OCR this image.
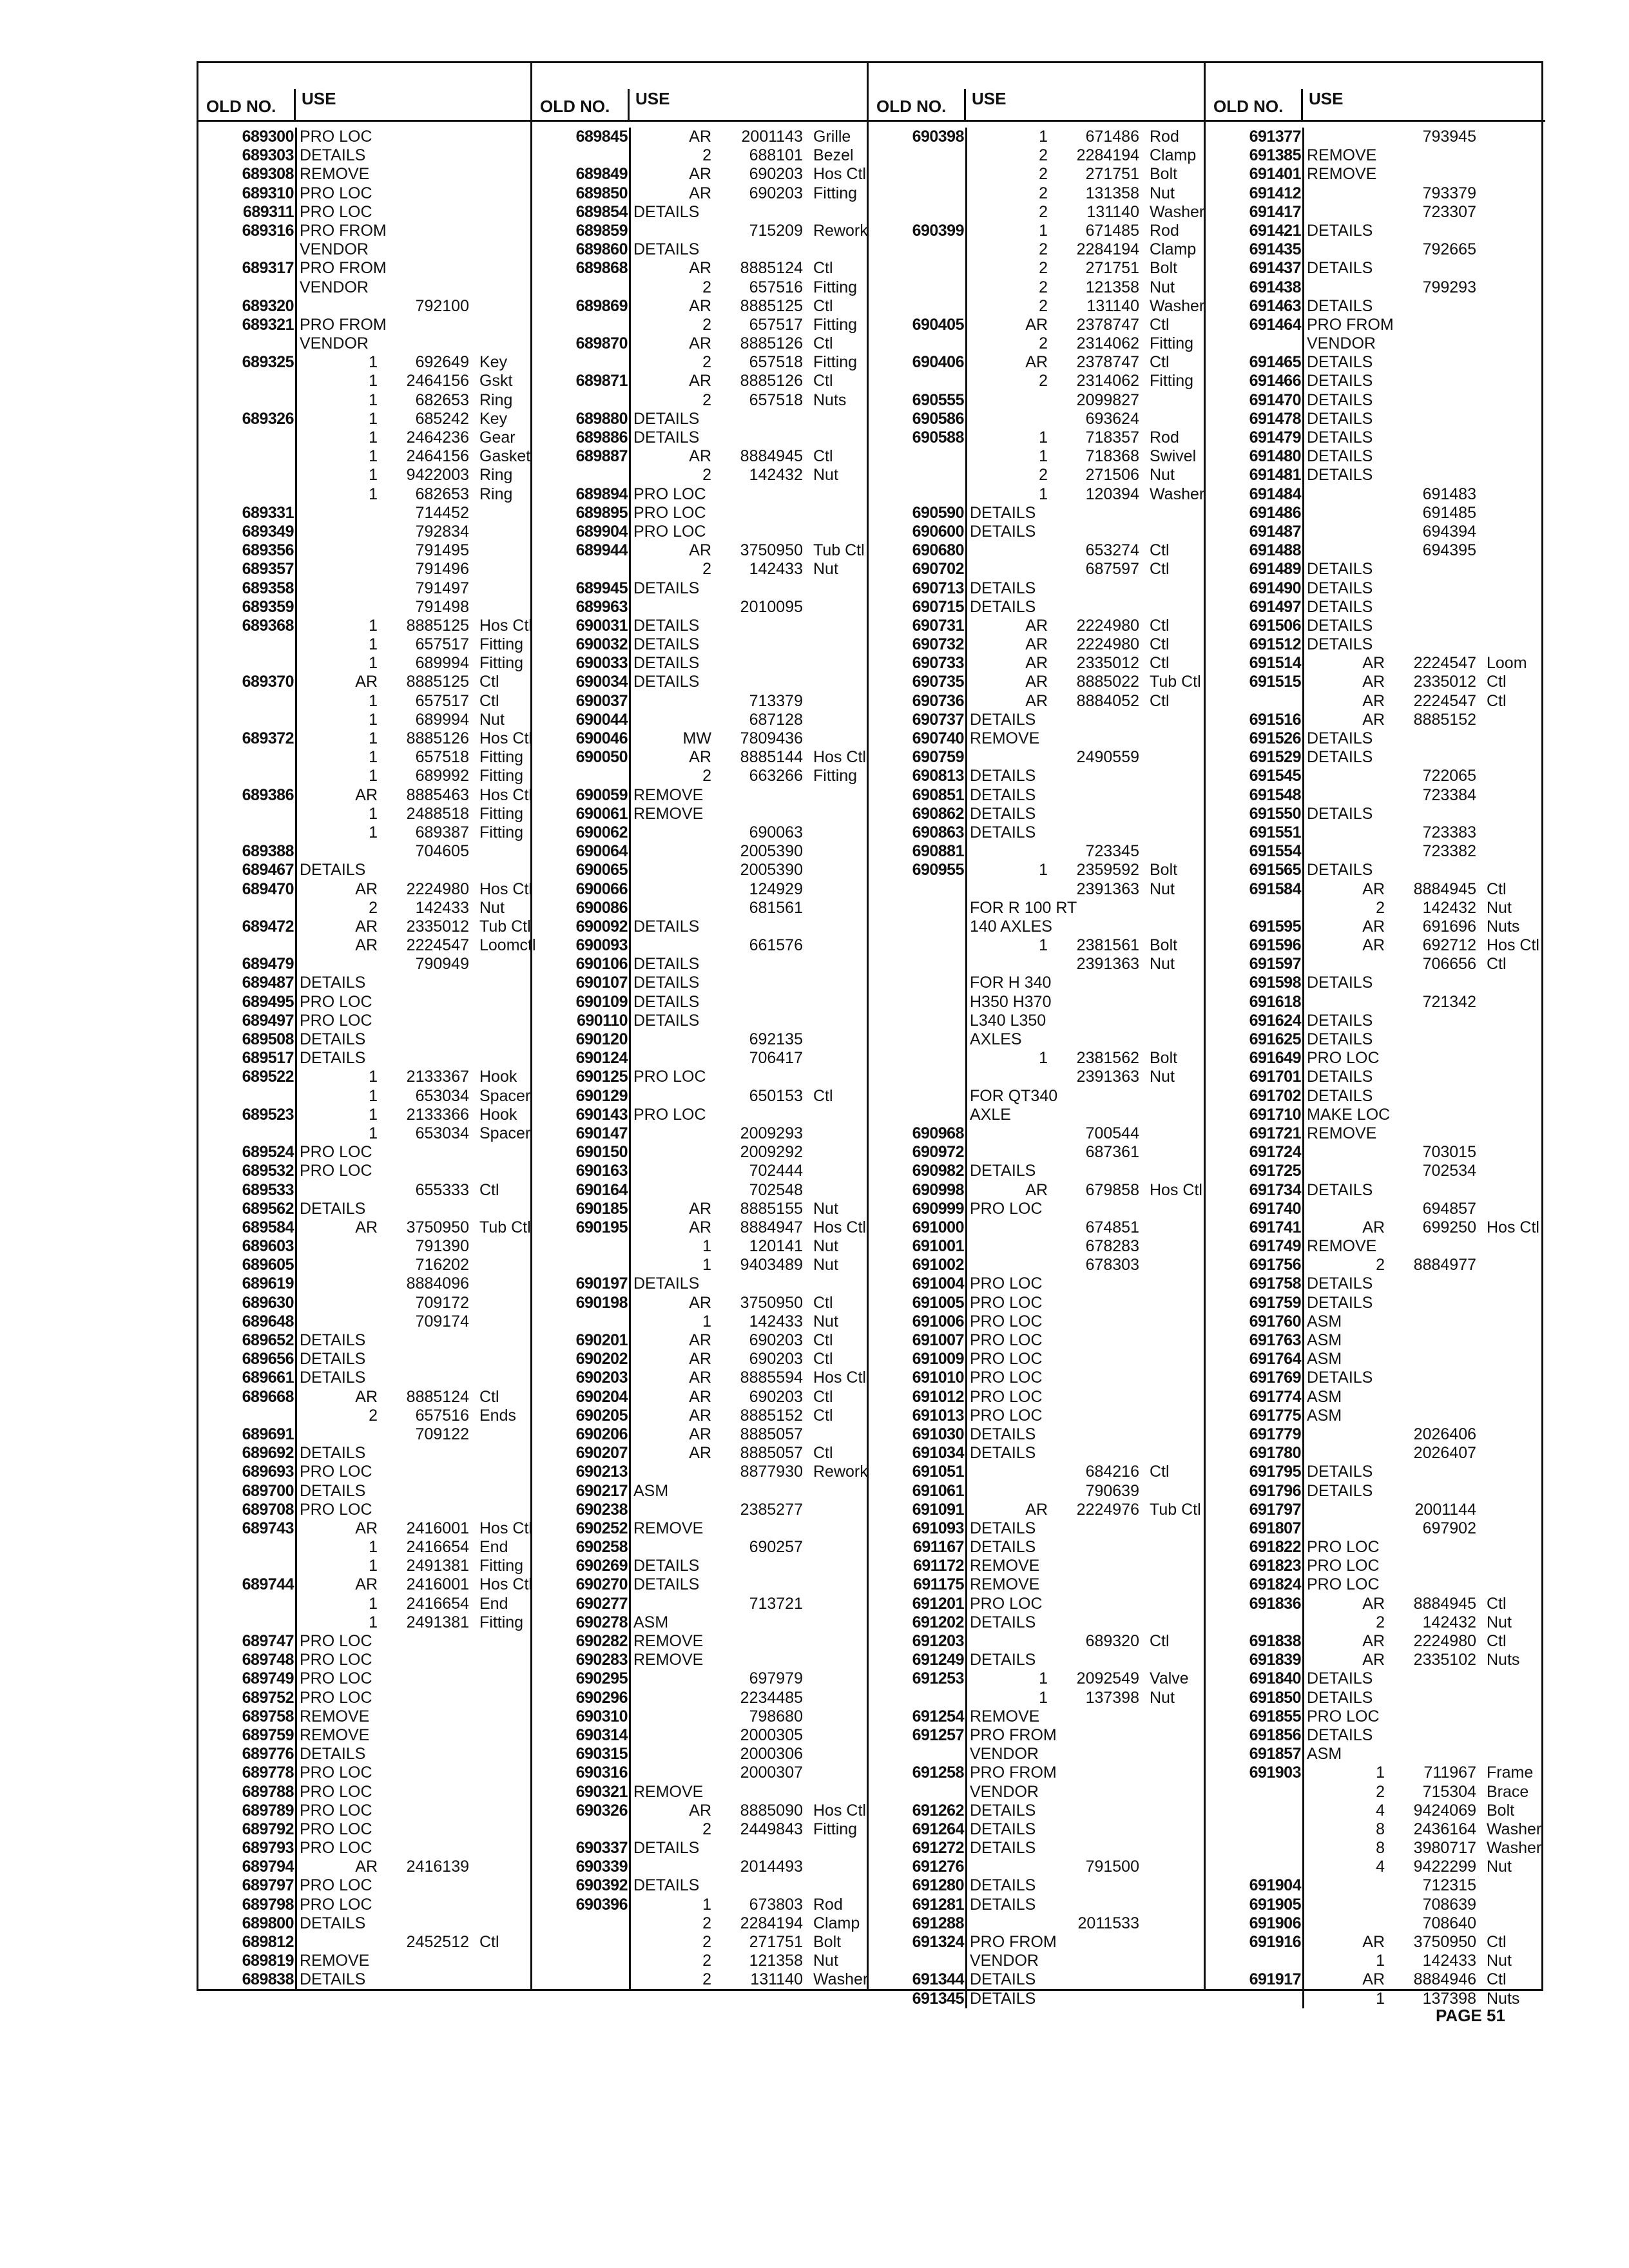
OLD NO. USE
689300 PRO LOC
689303 DETAILS
689308 REMOVE
689310 PRO LOC
689311 PRO LOC
689316 PRO FROM
VENDOR
689317 PRO FROM
VENDOR
689320	792100
689321 PRO FROM
VENDOR
689325	1	692649 Key
1	2464156 Gskt
1	682653 Ring
689326	1	685242 Key
1	2464236 Gear
1	2464156 Gasket
1	9422003 Ring
1	682653 Ring
689331	714452
689349	792834
689356	791495
689357	791496
689358	791497
689359	791498
689368	1	8885125 Hos Ctl
1	657517 Fitting
1	689994 Fitting
689370	AR	8885125 Ctl
1	657517 Ctl
1	689994 Nut
689372	1	8885126 Hos Ctl
1	657518 Fitting
1	689992 Fitting
689386	AR	8885463 Hos Ctl
1	2488518 Fitting
1	689387 Fitting
689388	704605
689467 DETAILS
689470	AR	2224980 Hos Ctl
2	142433 Nut
689472	AR	2335012 Tub Ctl
AR	2224547 Loomctl
689479	790949
689487 DETAILS
689495 PRO LOC
689497 PRO LOC
689508 DETAILS
689517 DETAILS
689522	1	2133367 Hook
1	653034 Spacer
689523	1	2133366 Hook
1	653034 Spacer
689524 PRO LOC
689532 PRO LOC
689533	655333 Ctl
689562 DETAILS
689584	AR	3750950 Tub Ctl
689603	791390
689605	716202
689619	8884096
689630	709172
689648	709174
689652 DETAILS
689656 DETAILS
689661 DETAILS
689668	AR	8885124 Ctl
2	657516 Ends
689691	709122
689692 DETAILS
689693 PRO LOC
689700 DETAILS
689708 PRO LOC
689743	AR	2416001 Hos Ctl
1	2416654 End
1	2491381 Fitting
689744	AR	2416001 Hos Ctl
1	2416654 End
1	2491381 Fitting
689747 PRO LOC
689748 PRO LOC
689749 PRO LOC
689752 PRO LOC
689758 REMOVE
689759 REMOVE
689776 DETAILS
689778 PRO LOC
689788 PRO LOC
689789 PRO LOC
689792 PRO LOC
689793 PRO LOC
689794	AR	2416139
689797 PRO LOC
689798 PRO LOC
689800 DETAILS
689812	2452512 Ctl
689819 REMOVE
689838 DETAILS
OLD NO. USE
689845	AR	2001143 Grille
2	688101 Bezel
689849	AR	690203 Hos Ctl
689850	AR	690203 Fitting
689854 DETAILS
689859	715209 Rework
689860 DETAILS
689868	AR	8885124 Ctl
2	657516 Fitting
689869	AR	8885125 Ctl
2	657517 Fitting
689870	AR	8885126 Ctl
2	657518 Fitting
689871	AR	8885126 Ctl
2	657518 Nuts
689880 DETAILS
689886 DETAILS
689887	AR	8884945 Ctl
2	142432 Nut
689894 PRO LOC
689895 PRO LOC
689904 PRO LOC
689944	AR	3750950 Tub Ctl
2	142433 Nut
689945 DETAILS
689963	2010095
690031 DETAILS
690032 DETAILS
690033 DETAILS
690034 DETAILS
690037	713379
690044	687128
690046	MW	7809436
690050	AR	8885144 Hos Ctl
2	663266 Fitting
690059 REMOVE
690061 REMOVE
690062	690063
690064	2005390
690065	2005390
690066	124929
690086	681561
690092 DETAILS
690093	661576
690106 DETAILS
690107 DETAILS
690109 DETAILS
690110 DETAILS
690120	692135
690124	706417
690125 PRO LOC
690129	650153 Ctl
690143 PRO LOC
690147	2009293
690150	2009292
690163	702444
690164	702548
690185	AR	8885155 Nut
690195	AR	8884947 Hos Ctl
1	120141 Nut
1	9403489 Nut
690197 DETAILS
690198	AR	3750950 Ctl
1	142433 Nut
690201	AR	690203 Ctl
690202	AR	690203 Ctl
690203	AR	8885594 Hos Ctl
690204	AR	690203 Ctl
690205	AR	8885152 Ctl
690206	AR	8885057
690207	AR	8885057 Ctl
690213	8877930 Rework
690217 ASM
690238	2385277
690252 REMOVE
690258	690257
690269 DETAILS
690270 DETAILS
690277	713721
690278 ASM
690282 REMOVE
690283 REMOVE
690295	697979
690296	2234485
690310	798680
690314	2000305
690315	2000306
690316	2000307
690321 REMOVE
690326	AR	8885090 Hos Ctl
2	2449843 Fitting
690337 DETAILS
690339	2014493
690392 DETAILS
690396	1	673803 Rod
2	2284194 Clamp
2	271751 Bolt
2	121358 Nut
2	131140 Washer
OLD NO. USE
690398	1	671486 Rod
2	2284194 Clamp
2	271751 Bolt
2	131358 Nut
2	131140 Washer
690399	1	671485 Rod
2	2284194 Clamp
2	271751 Bolt
2	121358 Nut
2	131140 Washer
690405	AR	2378747 Ctl
2	2314062 Fitting
690406	AR	2378747 Ctl
2	2314062 Fitting
690555	2099827
690586	693624
690588	1	718357 Rod
1	718368 Swivel
2	271506 Nut
1	120394 Washer
690590 DETAILS
690600 DETAILS
690680	653274 Ctl
690702	687597 Ctl
690713 DETAILS
690715 DETAILS
690731	AR	2224980 Ctl
690732	AR	2224980 Ctl
690733	AR	2335012 Ctl
690735	AR	8885022 Tub Ctl
690736	AR	8884052 Ctl
690737 DETAILS
690740 REMOVE
690759	2490559
690813 DETAILS
690851 DETAILS
690862 DETAILS
690863 DETAILS
690881	723345
690955	1	2359592 Bolt
2391363 Nut
FOR R 100 RT
140 AXLES
1	2381561 Bolt
2391363 Nut
FOR H 340
H350 H370
L340 L350
AXLES
1	2381562 Bolt
2391363 Nut
FOR QT340
AXLE
690968	700544
690972	687361
690982 DETAILS
690998	AR	679858 Hos Ctl
690999 PRO LOC
691000	674851
691001	678283
691002	678303
691004 PRO LOC
691005 PRO LOC
691006 PRO LOC
691007 PRO LOC
691009 PRO LOC
691010 PRO LOC
691012 PRO LOC
691013 PRO LOC
691030 DETAILS
691034 DETAILS
691051	684216 Ctl
691061	790639
691091	AR	2224976 Tub Ctl
691093 DETAILS
691167 DETAILS
691172 REMOVE
691175 REMOVE
691201 PRO LOC
691202 DETAILS
691203	689320 Ctl
691249 DETAILS
691253	1	2092549 Valve
1	137398 Nut
691254 REMOVE
691257 PRO FROM
VENDOR
691258 PRO FROM
VENDOR
691262 DETAILS
691264 DETAILS
691272 DETAILS
691276	791500
691280 DETAILS
691281 DETAILS
691288	2011533
691324 PRO FROM
VENDOR
691344 DETAILS
691345 DETAILS
OLD NO. USE
691377	793945
691385 REMOVE
691401 REMOVE
691412	793379
691417	723307
691421 DETAILS
691435	792665
691437 DETAILS
691438	799293
691463 DETAILS
691464 PRO FROM
VENDOR
691465 DETAILS
691466 DETAILS
691470 DETAILS
691478 DETAILS
691479 DETAILS
691480 DETAILS
691481 DETAILS
691484	691483
691486	691485
691487	694394
691488	694395
691489 DETAILS
691490 DETAILS
691497 DETAILS
691506 DETAILS
691512 DETAILS
691514	AR	2224547 Loom
691515	AR	2335012 Ctl
AR	2224547 Ctl
691516	AR	8885152
691526 DETAILS
691529 DETAILS
691545	722065
691548	723384
691550 DETAILS
691551	723383
691554	723382
691565 DETAILS
691584	AR	8884945 Ctl
2	142432 Nut
691595	AR	691696 Nuts
691596	AR	692712 Hos Ctl
691597	706656 Ctl
691598 DETAILS
691618	721342
691624 DETAILS
691625 DETAILS
691649 PRO LOC
691701 DETAILS
691702 DETAILS
691710 MAKE LOC
691721 REMOVE
691724	703015
691725	702534
691734 DETAILS
691740	694857
691741	AR	699250 Hos Ctl
691749 REMOVE
691756	2	8884977
691758 DETAILS
691759 DETAILS
691760 ASM
691763 ASM
691764 ASM
691769 DETAILS
691774 ASM
691775 ASM
691779	2026406
691780	2026407
691795 DETAILS
691796 DETAILS
691797	2001144
691807	697902
691822 PRO LOC
691823 PRO LOC
691824 PRO LOC
691836	AR	8884945 Ctl
2	142432 Nut
691838	AR	2224980 Ctl
691839	AR	2335102 Nuts
691840 DETAILS
691850 DETAILS
691855 PRO LOC
691856 DETAILS
691857 ASM
691903	1	711967 Frame
2	715304 Brace
4	9424069 Bolt
8	2436164 Washer
8	3980717 Washer
4	9422299 Nut
691904	712315
691905	708639
691906	708640
691916	AR	3750950 Ctl
1	142433 Nut
691917	AR	8884946 Ctl
1	137398 Nuts
PAGE 51
